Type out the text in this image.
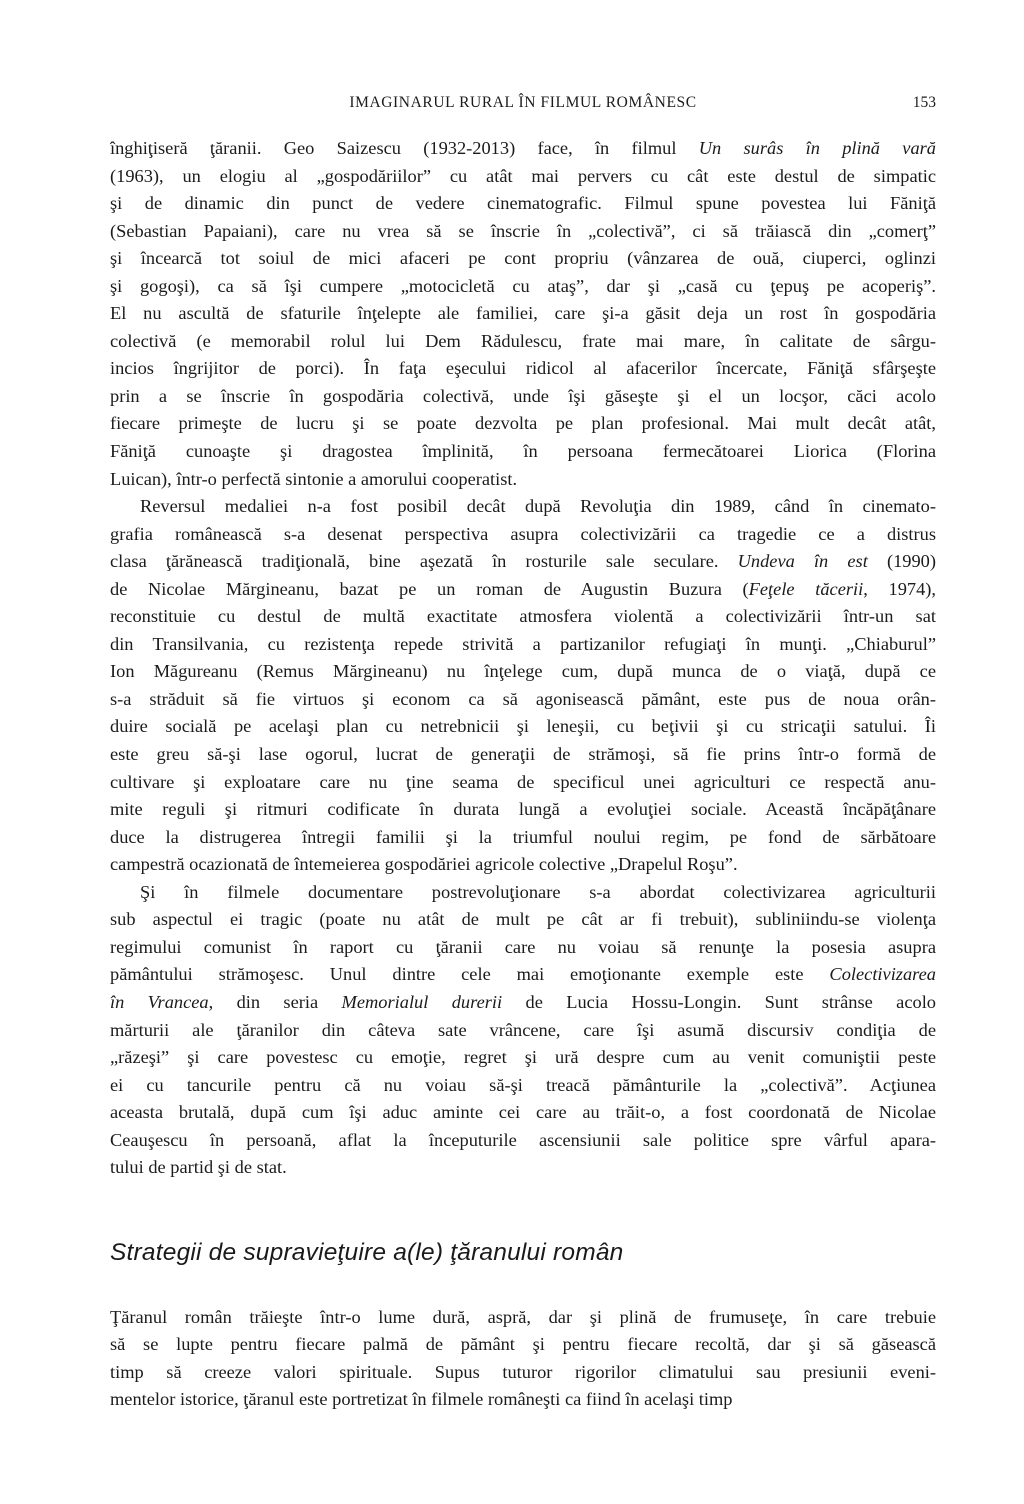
IMAGINARUL RURAL ÎN FILMUL ROMÂNESC	153
înghiţiseră ţăranii. Geo Saizescu (1932-2013) face, în filmul Un surâs în plină vară
(1963), un elogiu al „gospodăriilor” cu atât mai pervers cu cât este destul de simpatic
şi de dinamic din punct de vedere cinematografic. Filmul spune povestea lui Făniţă
(Sebastian Papaiani), care nu vrea să se înscrie în „colectivă”, ci să trăiască din „comerţ”
şi încearcă tot soiul de mici afaceri pe cont propriu (vânzarea de ouă, ciuperci, oglinzi
şi gogoşi), ca să îşi cumpere „motocicletă cu ataş”, dar şi „casă cu ţepuş pe acoperiş”.
El nu ascultă de sfaturile înţelepte ale familiei, care şi-a găsit deja un rost în gospodăria
colectivă (e memorabil rolul lui Dem Rădulescu, frate mai mare, în calitate de sârgu-
incios îngrijitor de porci). În faţa eşecului ridicol al afacerilor încercate, Făniţă sfârşeşte
prin a se înscrie în gospodăria colectivă, unde îşi găseşte şi el un locşor, căci acolo
fiecare primeşte de lucru şi se poate dezvolta pe plan profesional. Mai mult decât atât,
Făniţă cunoaşte şi dragostea împlinită, în persoana fermecătoarei Liorica (Florina
Luican), într-o perfectă sintonie a amorului cooperatist.
Reversul medaliei n-a fost posibil decât după Revoluţia din 1989, când în cinemato-
grafia românească s-a desenat perspectiva asupra colectivizării ca tragedie ce a distrus
clasa ţărănească tradiţională, bine aşezată în rosturile sale seculare. Undeva în est (1990)
de Nicolae Mărgineanu, bazat pe un roman de Augustin Buzura (Feţele tăcerii, 1974),
reconstituie cu destul de multă exactitate atmosfera violentă a colectivizării într-un sat
din Transilvania, cu rezistenţa repede strivită a partizanilor refugiaţi în munţi. „Chiaburul”
Ion Măgureanu (Remus Mărgineanu) nu înţelege cum, după munca de o viaţă, după ce
s-a străduit să fie virtuos şi econom ca să agonisească pământ, este pus de noua orân-
duire socială pe acelaşi plan cu netrebnicii şi leneşii, cu beţivii şi cu stricaţii satului. Îi
este greu să-şi lase ogorul, lucrat de generaţii de strămoşi, să fie prins într-o formă de
cultivare şi exploatare care nu ţine seama de specificul unei agriculturi ce respectă anu-
mite reguli şi ritmuri codificate în durata lungă a evoluţiei sociale. Această încăpăţânare
duce la distrugerea întregii familii şi la triumful noului regim, pe fond de sărbătoare
campestră ocazionată de întemeierea gospodăriei agricole colective „Drapelul Roşu”.
Şi în filmele documentare postrevoluţionare s-a abordat colectivizarea agriculturii
sub aspectul ei tragic (poate nu atât de mult pe cât ar fi trebuit), subliniindu-se violenţa
regimului comunist în raport cu ţăranii care nu voiau să renunţe la posesia asupra
pământului strămoşesc. Unul dintre cele mai emoţionante exemple este Colectivizarea
în Vrancea, din seria Memorialul durerii de Lucia Hossu-Longin. Sunt strânse acolo
mărturii ale ţăranilor din câteva sate vrâncene, care îşi asumă discursiv condiţia de
„răzeşi” şi care povestesc cu emoţie, regret şi ură despre cum au venit comuniştii peste
ei cu tancurile pentru că nu voiau să-şi treacă pământurile la „colectivă”. Acţiunea
aceasta brutală, după cum îşi aduc aminte cei care au trăit-o, a fost coordonată de Nicolae
Ceauşescu în persoană, aflat la începuturile ascensiunii sale politice spre vârful apara-
tului de partid şi de stat.
Strategii de supravieţuire a(le) ţăranului român
Ţăranul român trăieşte într-o lume dură, aspră, dar şi plină de frumuseţe, în care trebuie
să se lupte pentru fiecare palmă de pământ şi pentru fiecare recoltă, dar şi să găsească
timp să creeze valori spirituale. Supus tuturor rigorilor climatului sau presiunii eveni-
mentelor istorice, ţăranul este portretizat în filmele româneşti ca fiind în acelaşi timp
